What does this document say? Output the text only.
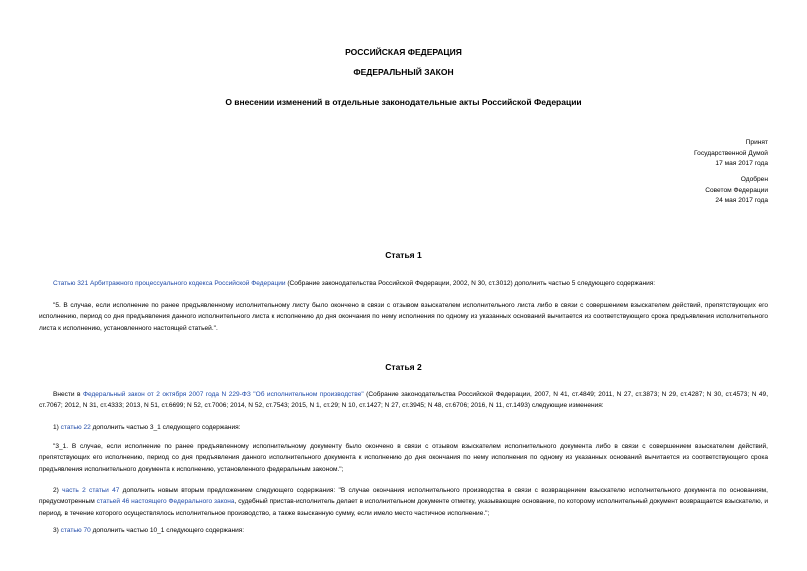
РОССИЙСКАЯ ФЕДЕРАЦИЯ
ФЕДЕРАЛЬНЫЙ ЗАКОН
О внесении изменений в отдельные законодательные акты Российской Федерации
Принят
Государственной Думой
17 мая 2017 года
Одобрен
Советом Федерации
24 мая 2017 года
Статья 1
Статью 321 Арбитражного процессуального кодекса Российской Федерации (Собрание законодательства Российской Федерации, 2002, N 30, ст.3012) дополнить частью 5 следующего содержания:
"5. В случае, если исполнение по ранее предъявленному исполнительному листу было окончено в связи с отзывом взыскателем исполнительного листа либо в связи с совершением взыскателем действий, препятствующих его исполнению, период со дня предъявления данного исполнительного листа к исполнению до дня окончания по нему исполнения по одному из указанных оснований вычитается из соответствующего срока предъявления исполнительного листа к исполнению, установленного настоящей статьей.".
Статья 2
Внести в Федеральный закон от 2 октября 2007 года N 229-ФЗ "Об исполнительном производстве" (Собрание законодательства Российской Федерации, 2007, N 41, ст.4849; 2011, N 27, ст.3873; N 29, ст.4287; N 30, ст.4573; N 49, ст.7067; 2012, N 31, ст.4333; 2013, N 51, ст.6699; N 52, ст.7006; 2014, N 52, ст.7543; 2015, N 1, ст.29; N 10, ст.1427; N 27, ст.3945; N 48, ст.6706; 2016, N 11, ст.1493) следующие изменения:
1) статью 22 дополнить частью 3_1 следующего содержания:
"3_1. В случае, если исполнение по ранее предъявленному исполнительному документу было окончено в связи с отзывом взыскателем исполнительного документа либо в связи с совершением взыскателем действий, препятствующих его исполнению, период со дня предъявления данного исполнительного документа к исполнению до дня окончания по нему исполнения по одному из указанных оснований вычитается из соответствующего срока предъявления исполнительного документа к исполнению, установленного федеральным законом.";
2) часть 2 статьи 47 дополнить новым вторым предложением следующего содержания: "В случае окончания исполнительного производства в связи с возвращением взыскателю исполнительного документа по основаниям, предусмотренным статьей 46 настоящего Федерального закона, судебный пристав-исполнитель делает в исполнительном документе отметку, указывающие основание, по которому исполнительный документ возвращается взыскателю, и период, в течение которого осуществлялось исполнительное производство, а также взысканную сумму, если имело место частичное исполнение.";
3) статью 70 дополнить частью 10_1 следующего содержания:
